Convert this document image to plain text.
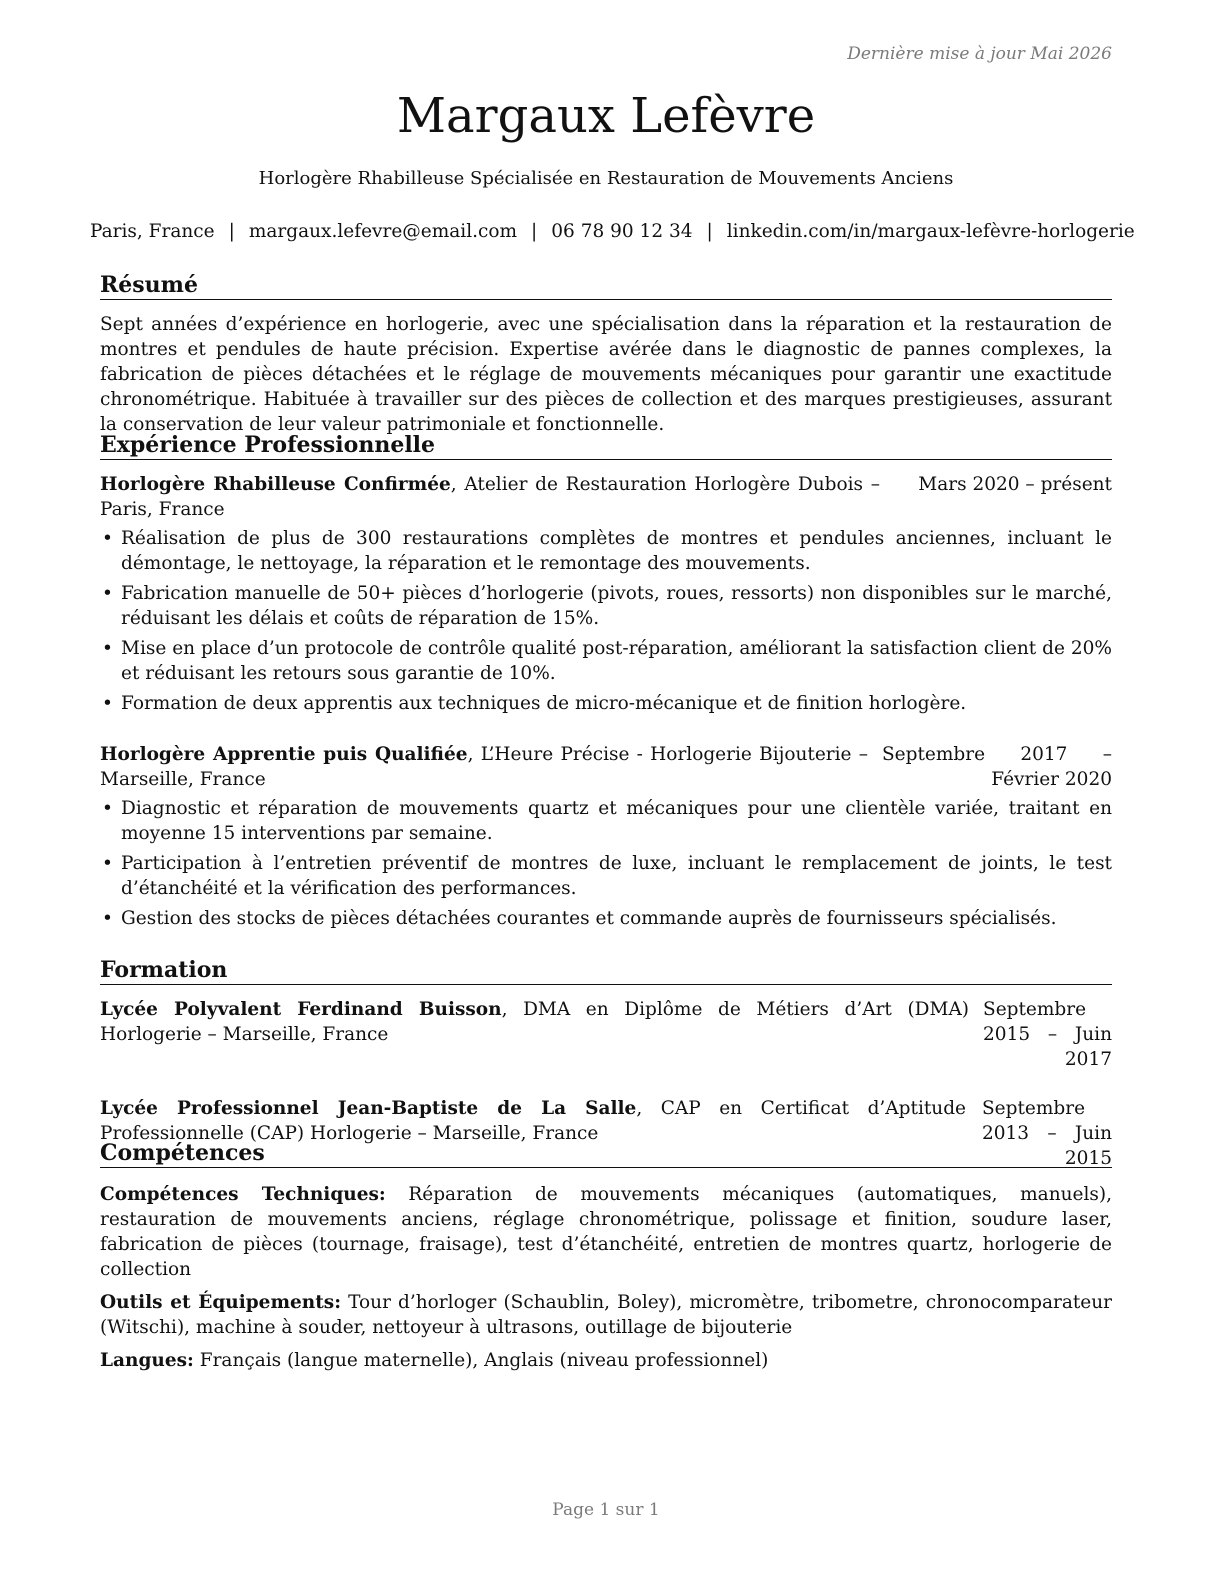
Dernière mise à jour Mai 2026
Margaux Lefèvre
Horlogère Rhabilleuse Spécialisée en Restauration de Mouvements Anciens
Paris, France | margaux.lefevre@email.com | 06 78 90 12 34 | linkedin.com/in/margaux-lefèvre-horlogerie
Résumé

Sept années d’expérience en horlogerie, avec une spécialisation dans la réparation et la restauration de montres et pendules de haute précision. Expertise avérée dans le diagnostic de pannes complexes, la fabrication de pièces détachées et le réglage de mouvements mécaniques pour garantir une exactitude chronométrique. Habituée à travailler sur des pièces de collection et des marques prestigieuses, assurant la conservation de leur valeur patrimoniale et fonctionnelle.

Expérience Professionnelle
Horlogère Rhabilleuse Confirmée, Atelier de Restauration Horlogère Dubois – Paris, France
Mars 2020 – présent
• Réalisation de plus de 300 restaurations complètes de montres et pendules anciennes, incluant le démontage, le nettoyage, la réparation et le remontage des mouvements.
• Fabrication manuelle de 50+ pièces d’horlogerie (pivots, roues, ressorts) non disponibles sur le marché, réduisant les délais et coûts de réparation de 15%.
• Mise en place d’un protocole de contrôle qualité post-réparation, améliorant la satisfaction client de 20% et réduisant les retours sous garantie de 10%.
• Formation de deux apprentis aux techniques de micro-mécanique et de finition horlogère.
Horlogère Apprentie puis Qualifiée, L’Heure Précise - Horlogerie Bijouterie – Marseille, France
Septembre 2017 – Février 2020
• Diagnostic et réparation de mouvements quartz et mécaniques pour une clientèle variée, traitant en moyenne 15 interventions par semaine.
• Participation à l’entretien préventif de montres de luxe, incluant le remplacement de joints, le test d’étanchéité et la vérification des performances.
• Gestion des stocks de pièces détachées courantes et commande auprès de fournisseurs spécialisés.
Formation
Lycée Polyvalent Ferdinand Buisson, DMA en Diplôme de Métiers d’Art (DMA) Horlogerie – Marseille, France
Septembre 2015 – Juin 2017
Lycée Professionnel Jean-Baptiste de La Salle, CAP en Certificat d’Aptitude Professionnelle (CAP) Horlogerie – Marseille, France
Septembre 2013 – Juin 2015
Compétences
Compétences Techniques: Réparation de mouvements mécaniques (automatiques, manuels), restauration de mouvements anciens, réglage chronométrique, polissage et finition, soudure laser, fabrication de pièces (tournage, fraisage), test d’étanchéité, entretien de montres quartz, horlogerie de collection
Outils et Équipements: Tour d’horloger (Schaublin, Boley), micromètre, tribometre, chronocomparateur (Witschi), machine à souder, nettoyeur à ultrasons, outillage de bijouterie
Langues: Français (langue maternelle), Anglais (niveau professionnel)
Page 1 sur 1
